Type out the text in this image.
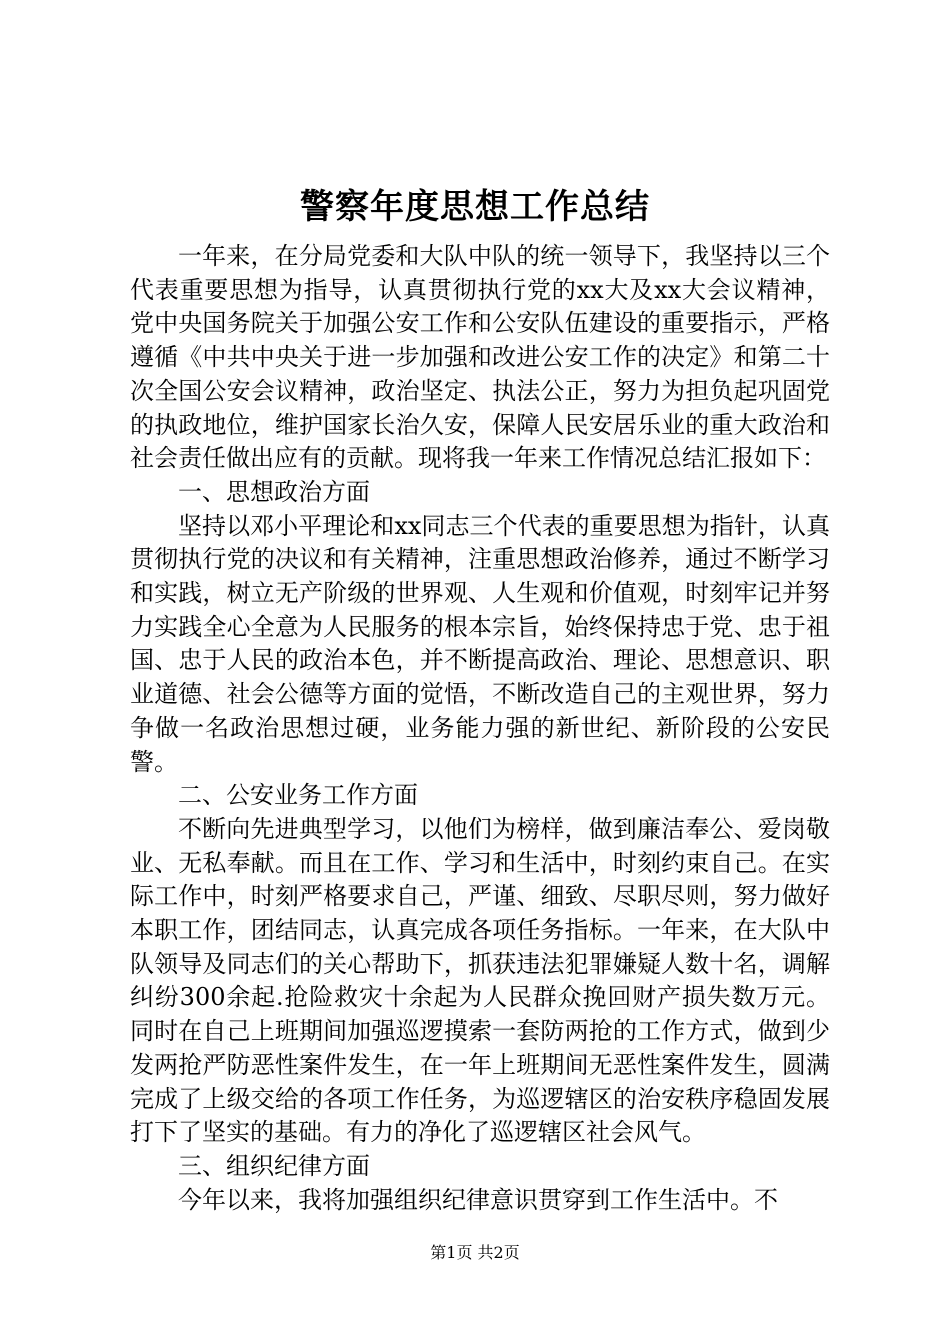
警察年度思想工作总结

一年来，在分局党委和大队中队的统一领导下，我坚持以三个代表重要思想为指导，认真贯彻执行党的xx大及xx大会议精神，党中央国务院关于加强公安工作和公安队伍建设的重要指示，严格遵循《中共中央关于进一步加强和改进公安工作的决定》和第二十次全国公安会议精神，政治坚定、执法公正，努力为担负起巩固党的执政地位，维护国家长治久安，保障人民安居乐业的重大政治和社会责任做出应有的贡献。现将我一年来工作情况总结汇报如下：

一、思想政治方面

坚持以邓小平理论和xx同志三个代表的重要思想为指针，认真贯彻执行党的决议和有关精神，注重思想政治修养，通过不断学习和实践，树立无产阶级的世界观、人生观和价值观，时刻牢记并努力实践全心全意为人民服务的根本宗旨，始终保持忠于党、忠于祖国、忠于人民的政治本色，并不断提高政治、理论、思想意识、职业道德、社会公德等方面的觉悟，不断改造自己的主观世界，努力争做一名政治思想过硬，业务能力强的新世纪、新阶段的公安民警。

二、公安业务工作方面

不断向先进典型学习，以他们为榜样，做到廉洁奉公、爱岗敬业、无私奉献。而且在工作、学习和生活中，时刻约束自己。在实际工作中，时刻严格要求自己，严谨、细致、尽职尽则，努力做好本职工作，团结同志，认真完成各项任务指标。一年来，在大队中队领导及同志们的关心帮助下，抓获违法犯罪嫌疑人数十名，调解纠纷300余起.抢险救灾十余起为人民群众挽回财产损失数万元。同时在自己上班期间加强巡逻摸索一套防两抢的工作方式，做到少发两抢严防恶性案件发生，在一年上班期间无恶性案件发生，圆满完成了上级交给的各项工作任务，为巡逻辖区的治安秩序稳固发展打下了坚实的基础。有力的净化了巡逻辖区社会风气。

三、组织纪律方面

今年以来，我将加强组织纪律意识贯穿到工作生活中。不

第1页 共2页
